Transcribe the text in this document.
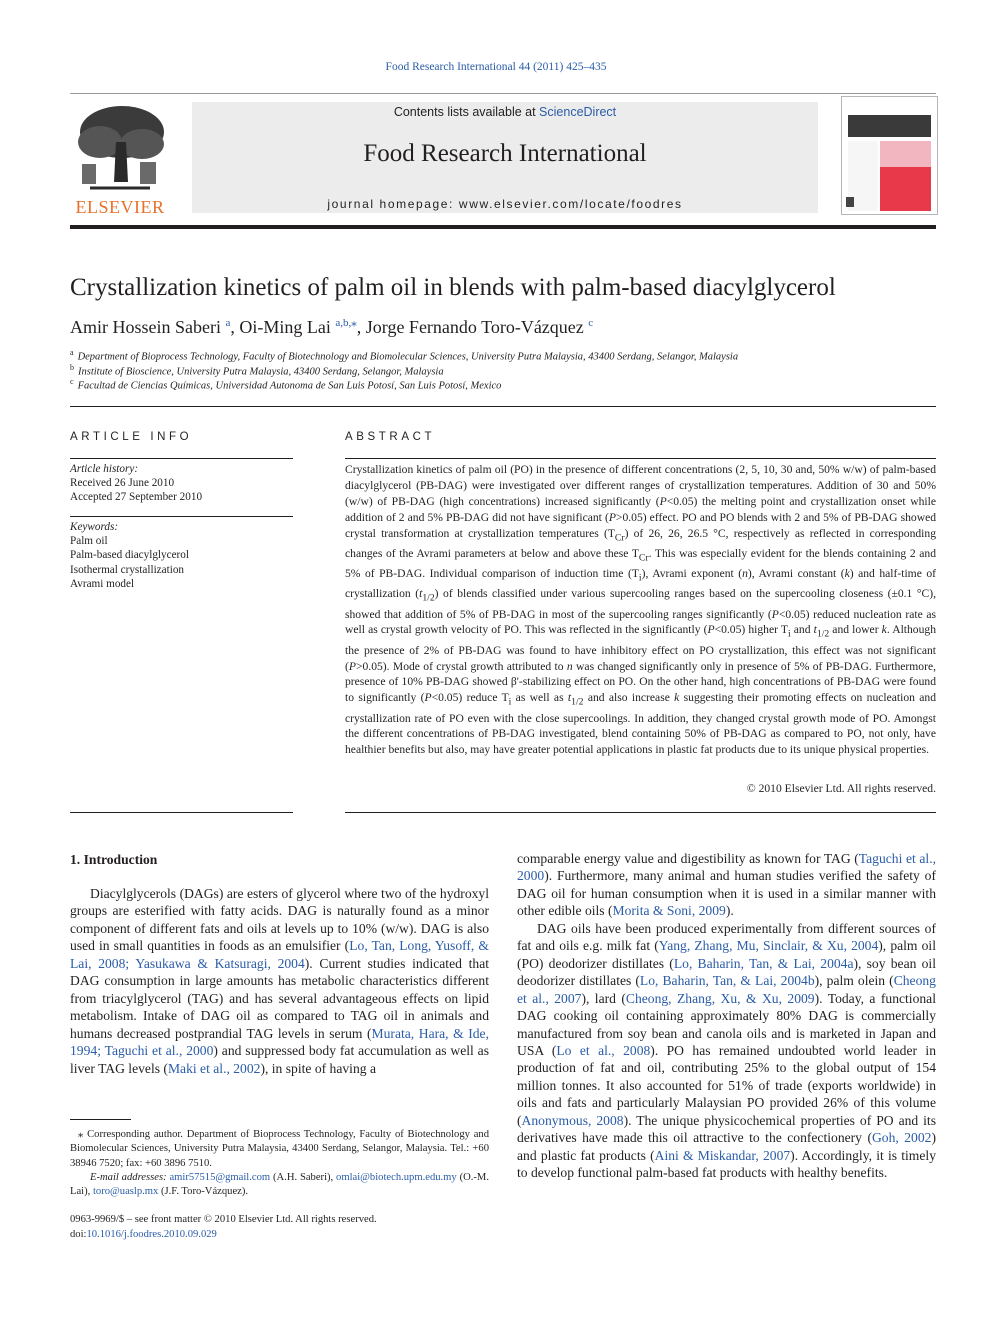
Food Research International 44 (2011) 425–435
ELSEVIER
Contents lists available at ScienceDirect
Food Research International
journal homepage: www.elsevier.com/locate/foodres
Crystallization kinetics of palm oil in blends with palm-based diacylglycerol
Amir Hossein Saberi $^a$, Oi-Ming Lai $^{a,b,⁎}$, Jorge Fernando Toro-Vázquez $^c$
$^a$ Department of Bioprocess Technology, Faculty of Biotechnology and Biomolecular Sciences, University Putra Malaysia, 43400 Serdang, Selangor, Malaysia
$^b$ Institute of Bioscience, University Putra Malaysia, 43400 Serdang, Selangor, Malaysia
$^c$ Facultad de Ciencias Químicas, Universidad Autonoma de San Luis Potosí, San Luis Potosí, Mexico
ARTICLE INFO
Article history:
Received 26 June 2010
Accepted 27 September 2010
Keywords:
Palm oil
Palm-based diacylglycerol
Isothermal crystallization
Avrami model
ABSTRACT
Crystallization kinetics of palm oil (PO) in the presence of different concentrations (2, 5, 10, 30 and, 50% w/w) of palm-based diacylglycerol (PB-DAG) were investigated over different ranges of crystallization temperatures. Addition of 30 and 50% (w/w) of PB-DAG (high concentrations) increased significantly (P<0.05) the melting point and crystallization onset while addition of 2 and 5% PB-DAG did not have significant (P>0.05) effect. PO and PO blends with 2 and 5% of PB-DAG showed crystal transformation at crystallization temperatures $(T_{Cr})$ of 26, 26, 26.5 °C, respectively as reflected in corresponding changes of the Avrami parameters at below and above these $T_{Cr}$. This was especially evident for the blends containing 2 and 5% of PB-DAG. Individual comparison of induction time $(T_i)$, Avrami exponent (n), Avrami constant (k) and half-time of crystallization $(t_{1/2})$ of blends classified under various supercooling ranges based on the supercooling closeness (±0.1 °C), showed that addition of 5% of PB-DAG in most of the supercooling ranges significantly (P<0.05) reduced nucleation rate as well as crystal growth velocity of PO. This was reflected in the significantly (P<0.05) higher $T_i$ and $t_{1/2}$ and lower k. Although the presence of 2% of PB-DAG was found to have inhibitory effect on PO crystallization, this effect was not significant (P>0.05). Mode of crystal growth attributed to n was changed significantly only in presence of 5% of PB-DAG. Furthermore, presence of 10% PB-DAG showed β'-stabilizing effect on PO. On the other hand, high concentrations of PB-DAG were found to significantly (P<0.05) reduce $T_i$ as well as $t_{1/2}$ and also increase k suggesting their promoting effects on nucleation and crystallization rate of PO even with the close supercoolings. In addition, they changed crystal growth mode of PO. Amongst the different concentrations of PB-DAG investigated, blend containing 50% of PB-DAG as compared to PO, not only, have healthier benefits but also, may have greater potential applications in plastic fat products due to its unique physical properties.
© 2010 Elsevier Ltd. All rights reserved.
1. Introduction

Diacylglycerols (DAGs) are esters of glycerol where two of the hydroxyl groups are esterified with fatty acids. DAG is naturally found as a minor component of different fats and oils at levels up to 10% (w/w). DAG is also used in small quantities in foods as an emulsifier (Lo, Tan, Long, Yusoff, & Lai, 2008; Yasukawa & Katsuragi, 2004). Current studies indicated that DAG consumption in large amounts has metabolic characteristics different from triacylglycerol (TAG) and has several advantageous effects on lipid metabolism. Intake of DAG oil as compared to TAG oil in animals and humans decreased postprandial TAG levels in serum (Murata, Hara, & Ide, 1994; Taguchi et al., 2000) and suppressed body fat accumulation as well as liver TAG levels (Maki et al., 2002), in spite of having a

comparable energy value and digestibility as known for TAG (Taguchi et al., 2000). Furthermore, many animal and human studies verified the safety of DAG oil for human consumption when it is used in a similar manner with other edible oils (Morita & Soni, 2009).

DAG oils have been produced experimentally from different sources of fat and oils e.g. milk fat (Yang, Zhang, Mu, Sinclair, & Xu, 2004), palm oil (PO) deodorizer distillates (Lo, Baharin, Tan, & Lai, 2004a), soy bean oil deodorizer distillates (Lo, Baharin, Tan, & Lai, 2004b), palm olein (Cheong et al., 2007), lard (Cheong, Zhang, Xu, & Xu, 2009). Today, a functional DAG cooking oil containing approximately 80% DAG is commercially manufactured from soy bean and canola oils and is marketed in Japan and USA (Lo et al., 2008). PO has remained undoubted world leader in production of fat and oil, contributing 25% to the global output of 154 million tonnes. It also accounted for 51% of trade (exports worldwide) in oils and fats and particularly Malaysian PO provided 26% of this volume (Anonymous, 2008). The unique physicochemical properties of PO and its derivatives have made this oil attractive to the confectionery (Goh, 2002) and plastic fat products (Aini & Miskandar, 2007). Accordingly, it is timely to develop functional palm-based fat products with healthy benefits.

⁎ Corresponding author. Department of Bioprocess Technology, Faculty of Biotechnology and Biomolecular Sciences, University Putra Malaysia, 43400 Serdang, Selangor, Malaysia. Tel.: +60 38946 7520; fax: +60 3896 7510.
E-mail addresses: amir57515@gmail.com (A.H. Saberi), omlai@biotech.upm.edu.my (O.-M. Lai), toro@uaslp.mx (J.F. Toro-Vázquez).
0963-9969/$ – see front matter © 2010 Elsevier Ltd. All rights reserved.
doi:10.1016/j.foodres.2010.09.029
